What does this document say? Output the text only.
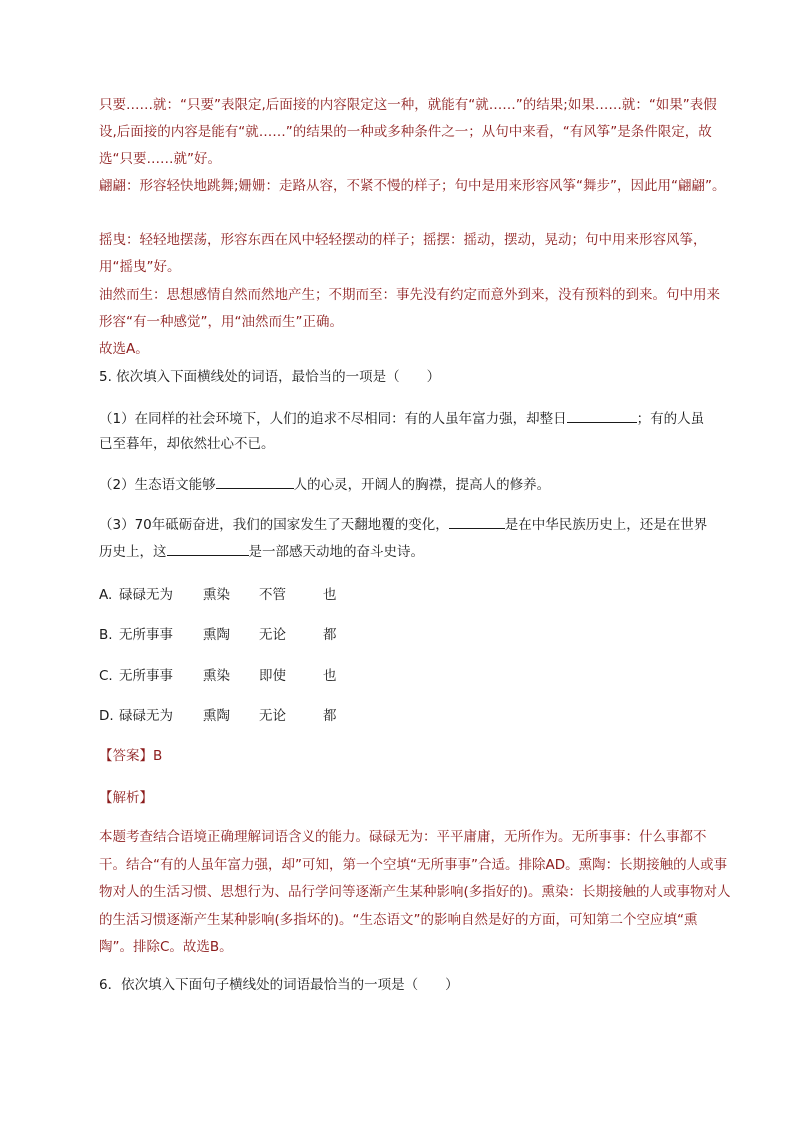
只要……就：“只要”表限定,后面接的内容限定这一种，就能有“就……”的结果;如果……就：“如果”表假设,后面接的内容是能有“就……”的结果的一种或多种条件之一；从句中来看，“有风筝”是条件限定，故选“只要……就”好。

翩翩：形容轻快地跳舞;姗姗：走路从容，不紧不慢的样子；句中是用来形容风筝“舞步”，因此用“翩翩”。

摇曳：轻轻地摆荡，形容东西在风中轻轻摆动的样子；摇摆：摇动，摆动，晃动；句中用来形容风筝，用“摇曳”好。

油然而生：思想感情自然而然地产生；不期而至：事先没有约定而意外到来，没有预料的到来。句中用来形容“有一种感觉”，用“油然而生”正确。

故选A。

5. 依次填入下面横线处的词语，最恰当的一项是（　　）
（1）在同样的社会环境下，人们的追求不尽相同：有的人虽年富力强，却整日	；有的人虽
已至暮年，却依然壮心不已。
（2）生态语文能够	人的心灵，开阔人的胸襟，提高人的修养。
（3）70年砥砺奋进，我们的国家发生了天翻地覆的变化，	是在中华民族历史上，还是在世界
历史上，这	是一部感天动地的奋斗史诗。
A. 碌碌无为 熏染 不管	也
B. 无所事事 熏陶 无论	都
C. 无所事事 熏染 即使	也
D. 碌碌无为 熏陶 无论	都
【答案】B
【解析】

本题考查结合语境正确理解词语含义的能力。碌碌无为：平平庸庸，无所作为。无所事事：什么事都不干。结合“有的人虽年富力强，却”可知，第一个空填“无所事事”合适。排除AD。熏陶：长期接触的人或事物对人的生活习惯、思想行为、品行学问等逐渐产生某种影响(多指好的)。熏染：长期接触的人或事物对人的生活习惯逐渐产生某种影响(多指坏的)。“生态语文”的影响自然是好的方面，可知第二个空应填“熏陶”。排除C。故选B。

6．依次填入下面句子横线处的词语最恰当的一项是（　　）
